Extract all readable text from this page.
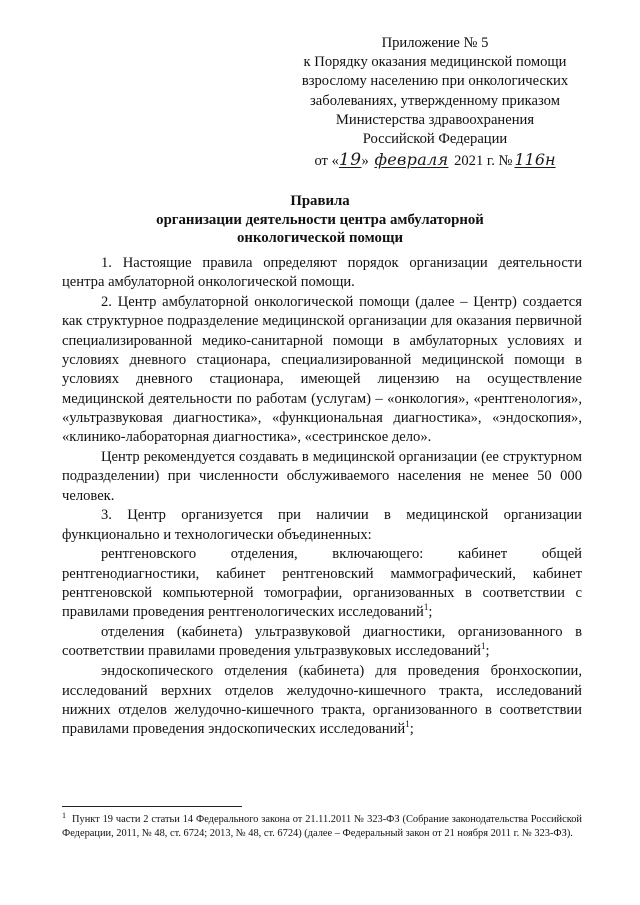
Приложение № 5
к Порядку оказания медицинской помощи
взрослому населению при онкологических
заболеваниях, утвержденному приказом
Министерства здравоохранения
Российской Федерации
от «19» февраля 2021 г. № 116н
Правила
организации деятельности центра амбулаторной
онкологической помощи

1. Настоящие правила определяют порядок организации деятельности центра амбулаторной онкологической помощи.

2. Центр амбулаторной онкологической помощи (далее – Центр) создается как структурное подразделение медицинской организации для оказания первичной специализированной медико-санитарной помощи в амбулаторных условиях и условиях дневного стационара, специализированной медицинской помощи в условиях дневного стационара, имеющей лицензию на осуществление медицинской деятельности по работам (услугам) – «онкология», «рентгенология», «ультразвуковая диагностика», «функциональная диагностика», «эндоскопия», «клинико-лабораторная диагностика», «сестринское дело».

Центр рекомендуется создавать в медицинской организации (ее структурном подразделении) при численности обслуживаемого населения не менее 50 000 человек.

3. Центр организуется при наличии в медицинской организации функционально и технологически объединенных:

рентгеновского отделения, включающего: кабинет общей рентгенодиагностики, кабинет рентгеновский маммографический, кабинет рентгеновской компьютерной томографии, организованных в соответствии с правилами проведения рентгенологических исследований$^1$;

отделения (кабинета) ультразвуковой диагностики, организованного в соответствии правилами проведения ультразвуковых исследований$^1$;

эндоскопического отделения (кабинета) для проведения бронхоскопии, исследований верхних отделов желудочно-кишечного тракта, исследований нижних отделов желудочно-кишечного тракта, организованного в соответствии правилами проведения эндоскопических исследований$^1$;

$^1$ Пункт 19 части 2 статьи 14 Федерального закона от 21.11.2011 № 323-ФЗ (Собрание законодательства Российской Федерации, 2011, № 48, ст. 6724; 2013, № 48, ст. 6724) (далее – Федеральный закон от 21 ноября 2011 г. № 323-ФЗ).
